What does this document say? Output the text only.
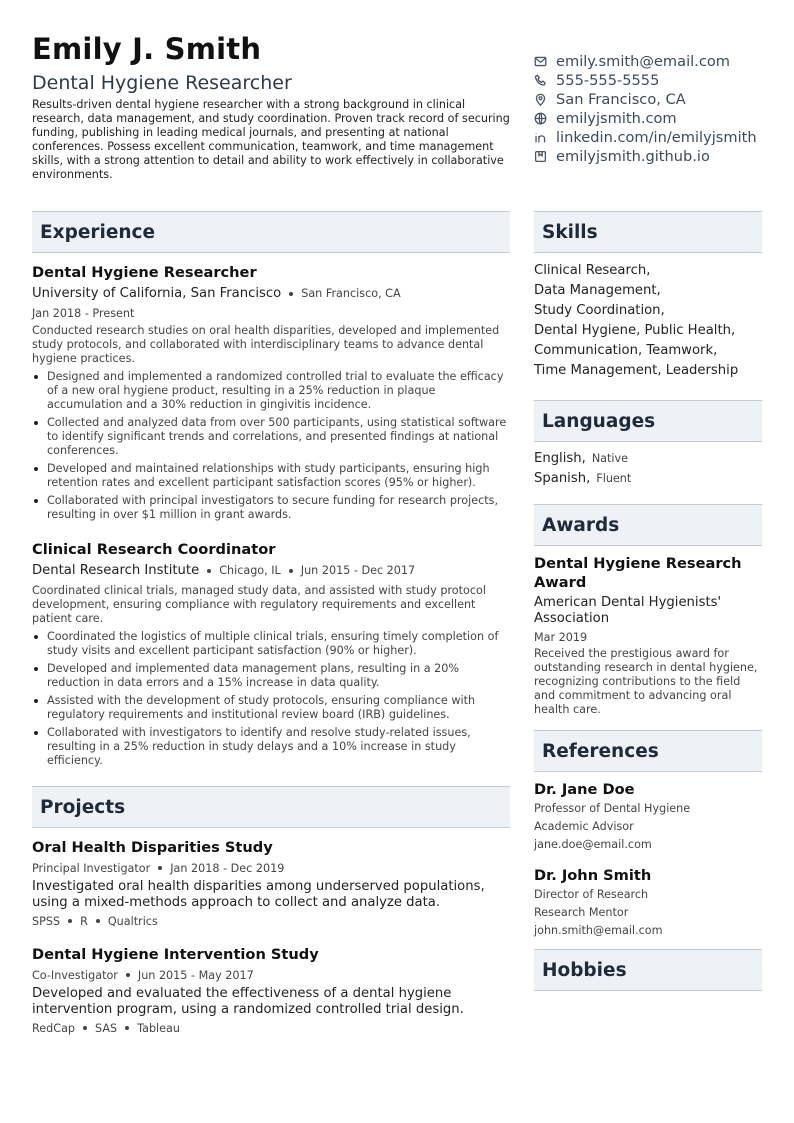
Emily J. Smith
Dental Hygiene Researcher
Results-driven dental hygiene researcher with a strong background in clinical research, data management, and study coordination. Proven track record of securing funding, publishing in leading medical journals, and presenting at national conferences. Possess excellent communication, teamwork, and time management skills, with a strong attention to detail and ability to work effectively in collaborative environments.
emily.smith@email.com
555-555-5555
San Francisco, CA
emilyjsmith.com
linkedin.com/in/emilyjsmith
emilyjsmith.github.io
Experience
Dental Hygiene Researcher
University of California, San Francisco San Francisco, CA
Jan 2018 - Present
Conducted research studies on oral health disparities, developed and implemented study protocols, and collaborated with interdisciplinary teams to advance dental hygiene practices.
Designed and implemented a randomized controlled trial to evaluate the efficacy of a new oral hygiene product, resulting in a 25% reduction in plaque accumulation and a 30% reduction in gingivitis incidence.
Collected and analyzed data from over 500 participants, using statistical software to identify significant trends and correlations, and presented findings at national conferences.
Developed and maintained relationships with study participants, ensuring high retention rates and excellent participant satisfaction scores (95% or higher).
Collaborated with principal investigators to secure funding for research projects, resulting in over $1 million in grant awards.
Clinical Research Coordinator
Dental Research Institute Chicago, IL Jun 2015 - Dec 2017
Coordinated clinical trials, managed study data, and assisted with study protocol development, ensuring compliance with regulatory requirements and excellent patient care.
Coordinated the logistics of multiple clinical trials, ensuring timely completion of study visits and excellent participant satisfaction (90% or higher).
Developed and implemented data management plans, resulting in a 20% reduction in data errors and a 15% increase in data quality.
Assisted with the development of study protocols, ensuring compliance with regulatory requirements and institutional review board (IRB) guidelines.
Collaborated with investigators to identify and resolve study-related issues, resulting in a 25% reduction in study delays and a 10% increase in study efficiency.
Projects
Oral Health Disparities Study
Principal Investigator Jan 2018 - Dec 2019
Investigated oral health disparities among underserved populations, using a mixed-methods approach to collect and analyze data.
SPSS R Qualtrics
Dental Hygiene Intervention Study
Co-Investigator Jun 2015 - May 2017
Developed and evaluated the effectiveness of a dental hygiene intervention program, using a randomized controlled trial design.
RedCap SAS Tableau
Skills
Clinical Research,
Data Management,
Study Coordination,
Dental Hygiene, Public Health,
Communication, Teamwork,
Time Management, Leadership
Languages
English, Native
Spanish, Fluent
Awards
Dental Hygiene Research Award
American Dental Hygienists' Association
Mar 2019
Received the prestigious award for outstanding research in dental hygiene, recognizing contributions to the field and commitment to advancing oral health care.
References
Dr. Jane Doe
Professor of Dental Hygiene
Academic Advisor
jane.doe@email.com
Dr. John Smith
Director of Research
Research Mentor
john.smith@email.com
Hobbies
